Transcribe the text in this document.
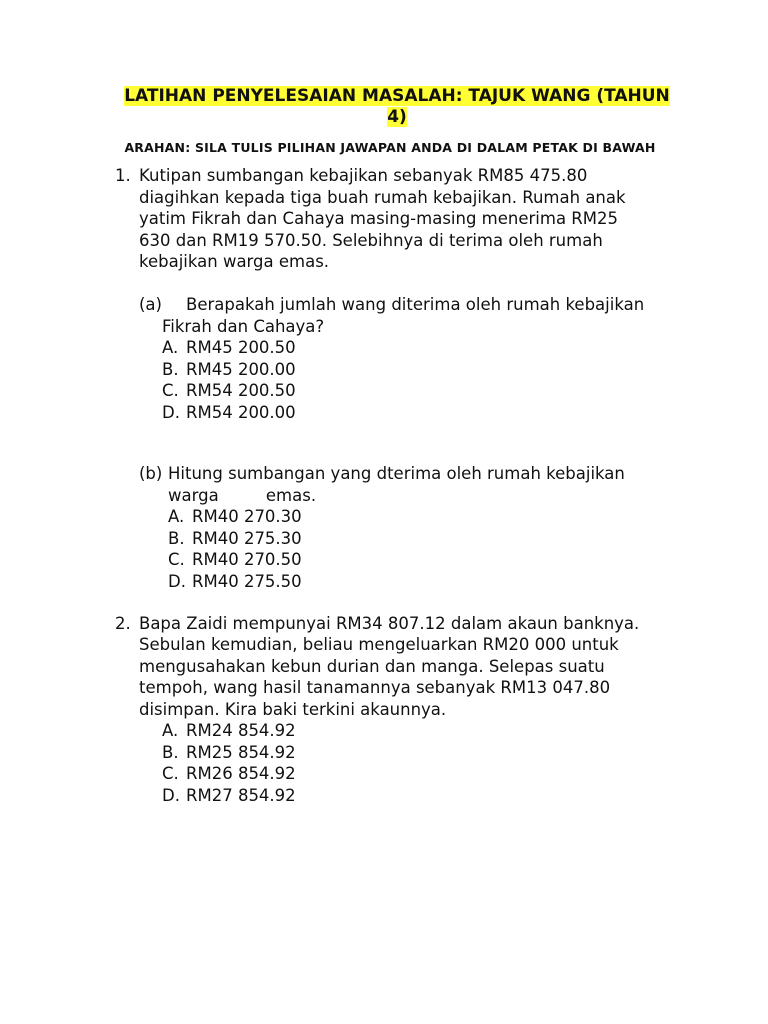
LATIHAN PENYELESAIAN MASALAH: TAJUK WANG (TAHUN
4)
ARAHAN: SILA TULIS PILIHAN JAWAPAN ANDA DI DALAM PETAK DI BAWAH
1. Kutipan sumbangan kebajikan sebanyak RM85 475.80
diagihkan kepada tiga buah rumah kebajikan. Rumah anak
yatim Fikrah dan Cahaya masing-masing menerima RM25
630 dan RM19 570.50. Selebihnya di terima oleh rumah
kebajikan warga emas.
(a) Berapakah jumlah wang diterima oleh rumah kebajikan
Fikrah dan Cahaya?
A. RM45 200.50
B. RM45 200.00
C. RM54 200.50
D. RM54 200.00
(b) Hitung sumbangan yang dterima oleh rumah kebajikan
warga         emas.
A. RM40 270.30
B. RM40 275.30
C. RM40 270.50
D. RM40 275.50
2. Bapa Zaidi mempunyai RM34 807.12 dalam akaun banknya.
Sebulan kemudian, beliau mengeluarkan RM20 000 untuk
mengusahakan kebun durian dan manga. Selepas suatu
tempoh, wang hasil tanamannya sebanyak RM13 047.80
disimpan. Kira baki terkini akaunnya.
A. RM24 854.92
B. RM25 854.92
C. RM26 854.92
D. RM27 854.92
